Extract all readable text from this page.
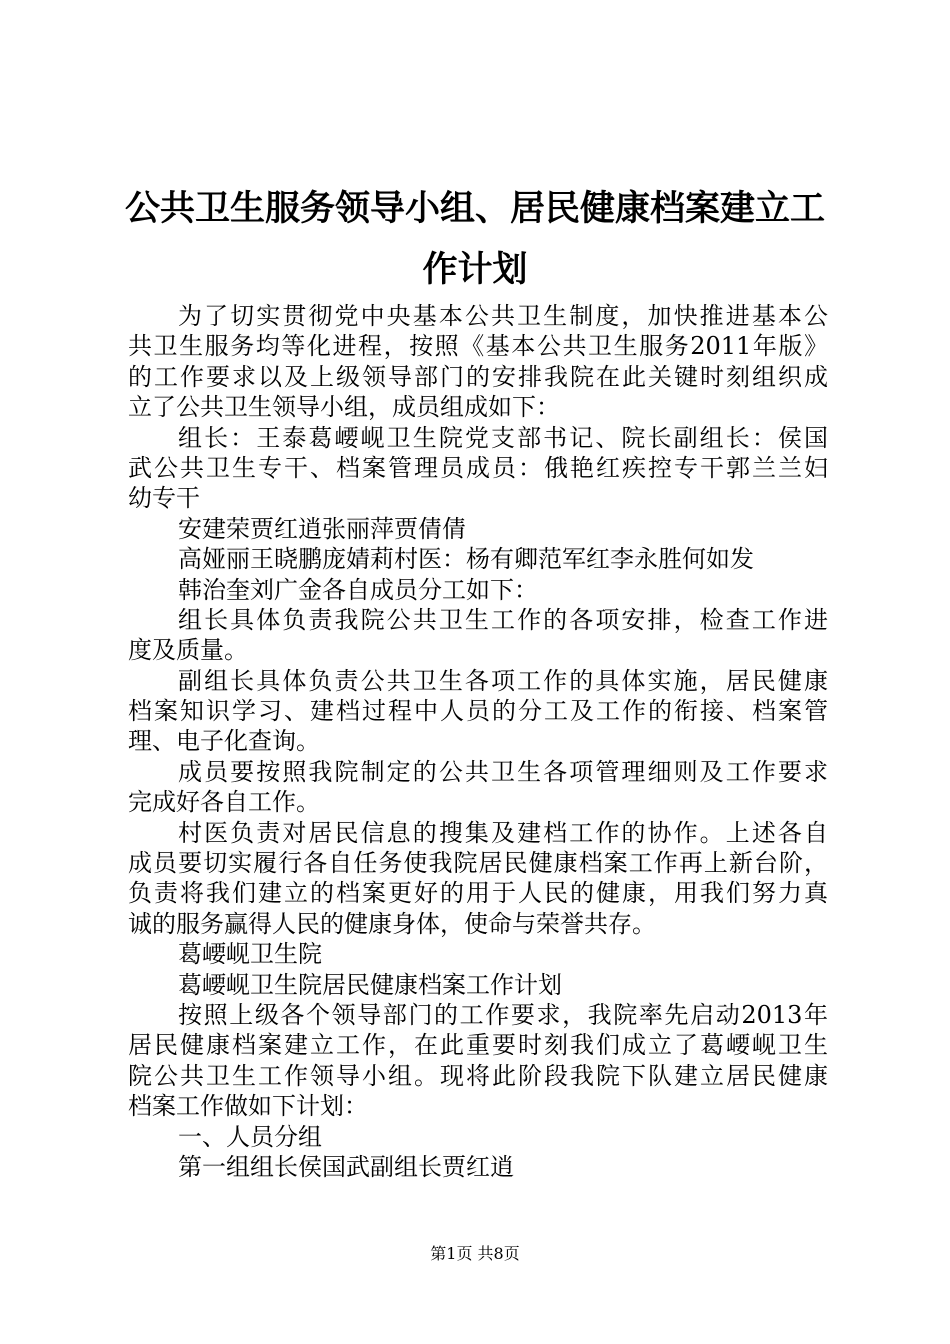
公共卫生服务领导小组、居民健康档案建立工
作计划
为了切实贯彻党中央基本公共卫生制度，加快推进基本公
共卫生服务均等化进程，按照《基本公共卫生服务2011年版》
的工作要求以及上级领导部门的安排我院在此关键时刻组织成
立了公共卫生领导小组，成员组成如下：
组长：王泰葛崾岘卫生院党支部书记、院长副组长：侯国
武公共卫生专干、档案管理员成员：俄艳红疾控专干郭兰兰妇
幼专干
安建荣贾红逍张丽萍贾倩倩
高娅丽王晓鹏庞婧莉村医：杨有卿范军红李永胜何如发
韩治奎刘广金各自成员分工如下：
组长具体负责我院公共卫生工作的各项安排，检查工作进
度及质量。
副组长具体负责公共卫生各项工作的具体实施，居民健康
档案知识学习、建档过程中人员的分工及工作的衔接、档案管
理、电子化查询。
成员要按照我院制定的公共卫生各项管理细则及工作要求
完成好各自工作。
村医负责对居民信息的搜集及建档工作的协作。上述各自
成员要切实履行各自任务使我院居民健康档案工作再上新台阶，
负责将我们建立的档案更好的用于人民的健康，用我们努力真
诚的服务赢得人民的健康身体，使命与荣誉共存。
葛崾岘卫生院
葛崾岘卫生院居民健康档案工作计划
按照上级各个领导部门的工作要求，我院率先启动2013年
居民健康档案建立工作，在此重要时刻我们成立了葛崾岘卫生
院公共卫生工作领导小组。现将此阶段我院下队建立居民健康
档案工作做如下计划：
一、人员分组
第一组组长侯国武副组长贾红逍
第1页 共8页
